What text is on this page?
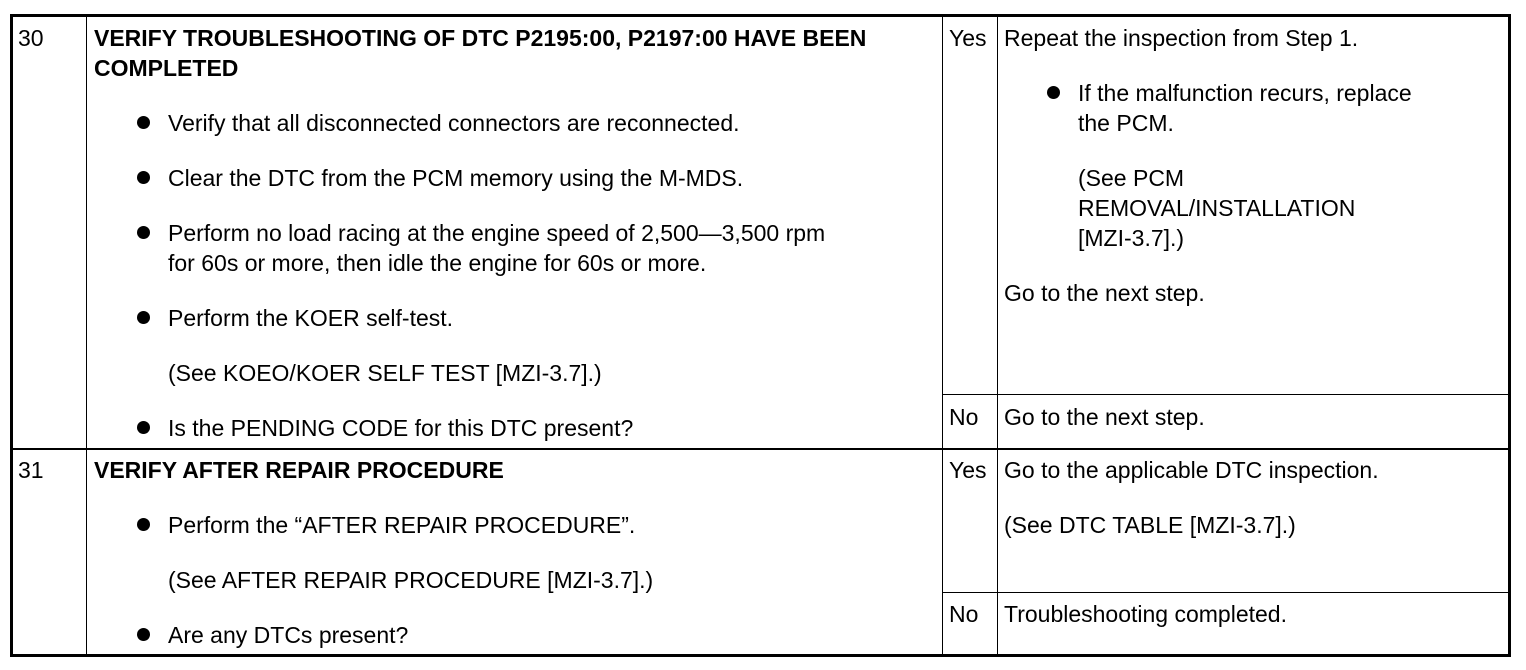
30 VERIFY TROUBLESHOOTING OF DTC P2195:00, P2197:00 HAVE BEEN
COMPLETED
Verify that all disconnected connectors are reconnected.
Clear the DTC from the PCM memory using the M-MDS.
Perform no load racing at the engine speed of 2,500—3,500 rpm
for 60s or more, then idle the engine for 60s or more.
Perform the KOER self-test.
(See KOEO/KOER SELF TEST [MZI-3.7].)
Is the PENDING CODE for this DTC present?
Yes Repeat the inspection from Step 1.
If the malfunction recurs, replace
the PCM.
(See PCM
REMOVAL/INSTALLATION
[MZI-3.7].)
Go to the next step.
No Go to the next step.
31 VERIFY AFTER REPAIR PROCEDURE
Perform the “AFTER REPAIR PROCEDURE”.
(See AFTER REPAIR PROCEDURE [MZI-3.7].)
Are any DTCs present?
Yes Go to the applicable DTC inspection.
(See DTC TABLE [MZI-3.7].)
No Troubleshooting completed.
